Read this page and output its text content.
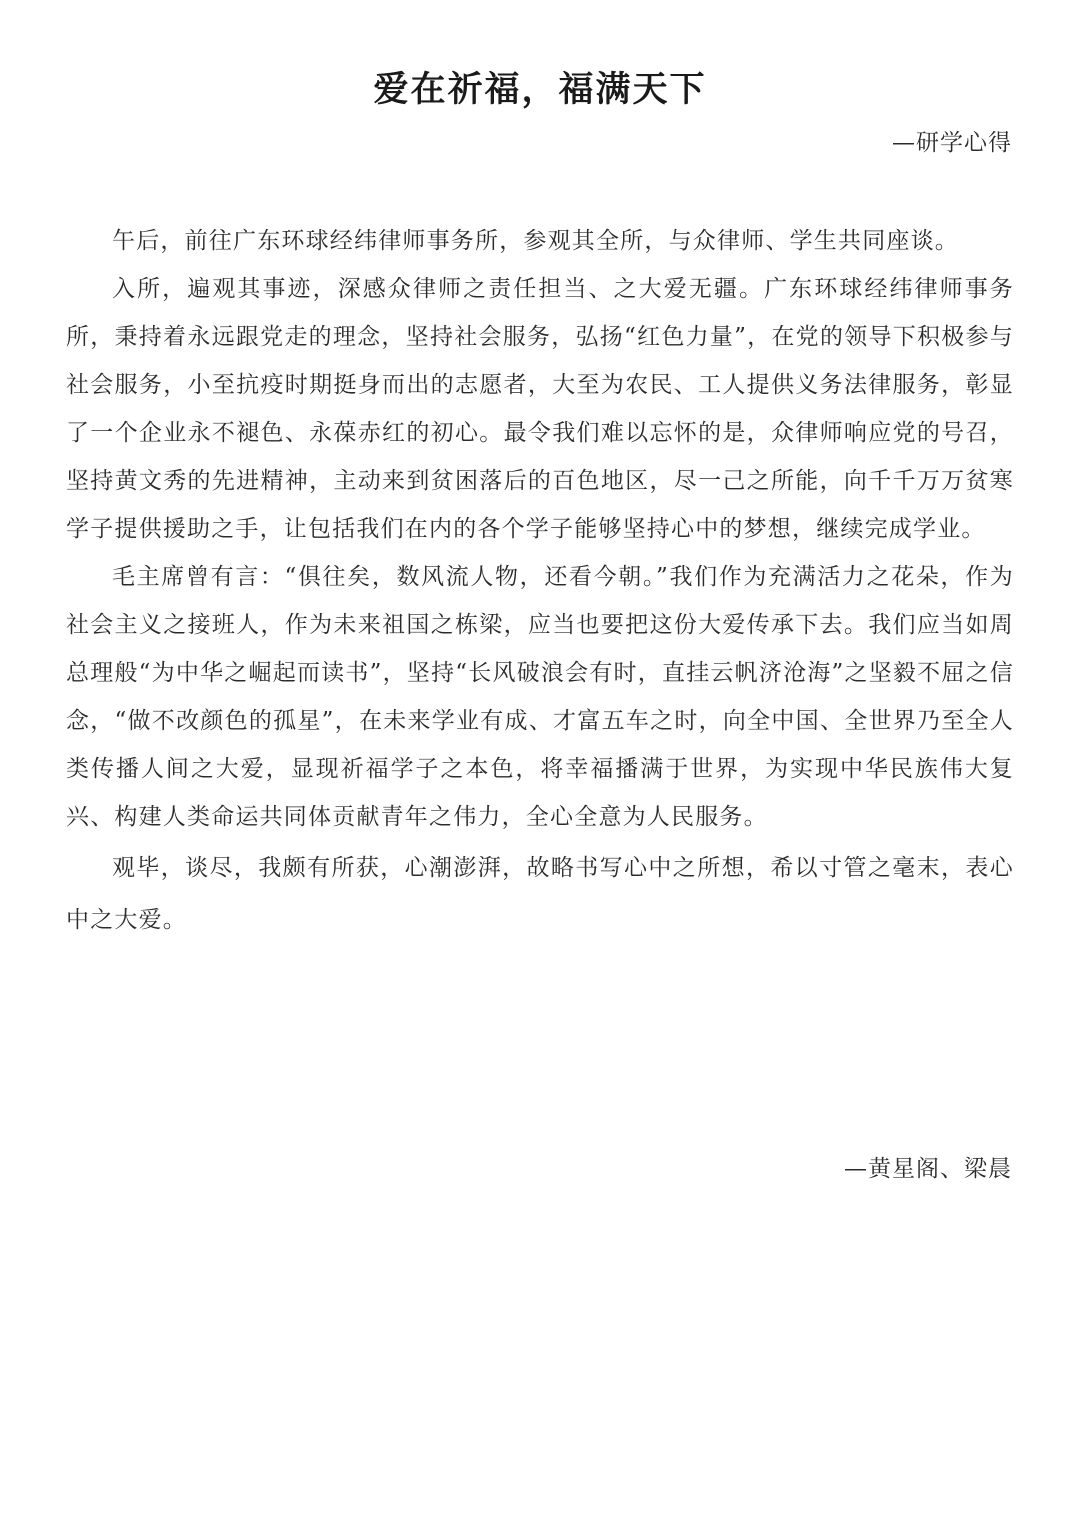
爱在祈福，福满天下
—研学心得

午后，前往广东环球经纬律师事务所，参观其全所，与众律师、学生共同座谈。

入所，遍观其事迹，深感众律师之责任担当、之大爱无疆。广东环球经纬律师事务所，秉持着永远跟党走的理念，坚持社会服务，弘扬“红色力量”，在党的领导下积极参与社会服务，小至抗疫时期挺身而出的志愿者，大至为农民、工人提供义务法律服务，彰显了一个企业永不褪色、永葆赤红的初心。最令我们难以忘怀的是，众律师响应党的号召，坚持黄文秀的先进精神，主动来到贫困落后的百色地区，尽一己之所能，向千千万万贫寒学子提供援助之手，让包括我们在内的各个学子能够坚持心中的梦想，继续完成学业。

毛主席曾有言：“俱往矣，数风流人物，还看今朝。”我们作为充满活力之花朵，作为社会主义之接班人，作为未来祖国之栋梁，应当也要把这份大爱传承下去。我们应当如周总理般“为中华之崛起而读书”，坚持“长风破浪会有时，直挂云帆济沧海”之坚毅不屈之信念，“做不改颜色的孤星”，在未来学业有成、才富五车之时，向全中国、全世界乃至全人类传播人间之大爱，显现祈福学子之本色，将幸福播满于世界，为实现中华民族伟大复兴、构建人类命运共同体贡献青年之伟力，全心全意为人民服务。

观毕，谈尽，我颇有所获，心潮澎湃，故略书写心中之所想，希以寸管之毫末，表心中之大爱。

—黄星阁、梁晨
